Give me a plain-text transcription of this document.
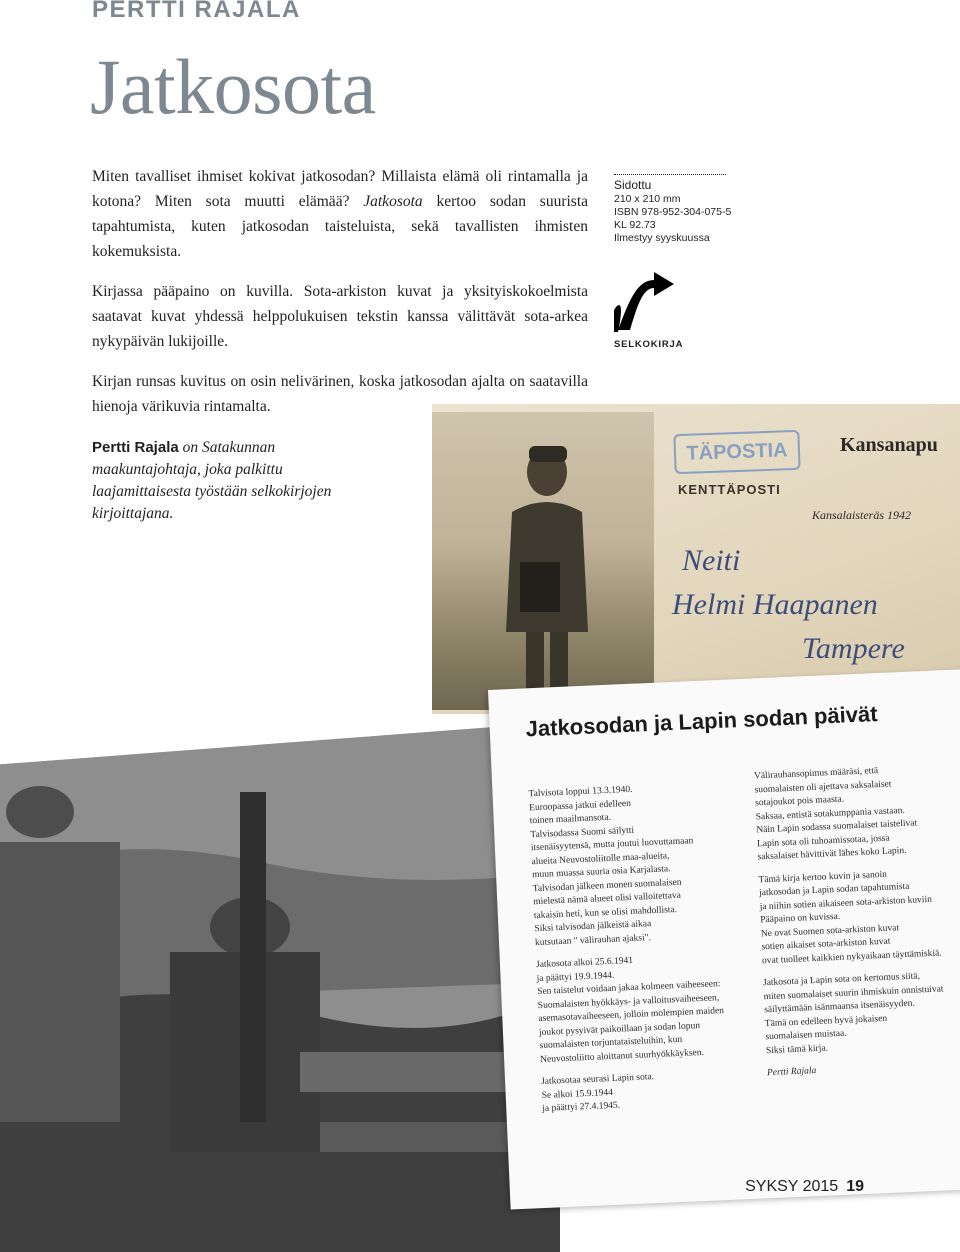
PERTTI RAJALA
Jatkosota

Miten tavalliset ihmiset kokivat jatkosodan? Millaista elämä oli rintamalla ja kotona? Miten sota muutti elämää? Jatkosota kertoo sodan suurista tapahtumista, kuten jatkosodan taisteluista, sekä tavallisten ihmisten kokemuksista.

Kirjassa pääpaino on kuvilla. Sota-arkiston kuvat ja yksityiskokoelmista saatavat kuvat yhdessä helppolukuisen tekstin kanssa välittävät sota-arkea nykypäivän lukijoille.

Kirjan runsas kuvitus on osin nelivärinen, koska jatkosodan ajalta on saatavilla hienoja värikuvia rintamalta.

Pertti Rajala on Satakunnan maakuntajohtaja, joka palkittu laajamittaisesta työstään selkokirjojen kirjoittajana.
Sidottu
210 x 210 mm
ISBN 978-952-304-075-5
KL 92.73
Ilmestyy syyskuussa
SELKOKIRJA
TÄPOSTIA	Kansanapu
KENTTÄPOSTI
Kansalaisteräs 1942
Neiti
Helmi Haapanen
Tampere
Jatkosodan ja Lapin sodan päivät

Talvisota loppui 13.3.1940.
Euroopassa jatkui edelleen
toinen maailmansota.
Talvisodassa Suomi säilytti
itsenäisyytensä, mutta joutui luovuttamaan
alueita Neuvostoliitolle maa-alueita,
muun muassa suuria osia Karjalasta.
Talvisodan jälkeen monen suomalaisen
mielestä nämä alueet olisi valloitettava
takaisin heti, kun se olisi mahdollista.
Siksi talvisodan jälkeistä aikaa
kutsutaan " välirauhan ajaksi".

Jatkosota alkoi 25.6.1941
ja päättyi 19.9.1944.
Sen taistelut voidaan jakaa kolmeen vaiheeseen:
Suomalaisten hyökkäys- ja valloitusvaiheeseen,
asemasotavaiheeseen, jolloin molempien maiden
joukot pysyivät paikoillaan ja sodan lopun
suomalaisten torjuntataisteluihin, kun
Neuvostoliitto aloittanut suurhyökkäyksen.

Jatkosotaa seurasi Lapin sota.
Se alkoi 15.9.1944
ja päättyi 27.4.1945.

Välirauhansopimus määräsi, että
suomalaisten oli ajettava saksalaiset
sotajoukot pois maasta.
Saksaa, entistä sotakumppania vastaan.
Näin Lapin sodassa suomalaiset taistelivat
Lapin sota oli tuhoamissotaa, jossa
saksalaiset hävittivät lähes koko Lapin.

Tämä kirja kertoo kuvin ja sanoin
jatkosodan ja Lapin sodan tapahtumista
ja niihin sotien aikaiseen sota-arkiston kuviin
Pääpaino on kuvissa.
Ne ovat Suomen sota-arkiston kuvat
sotien aikaiset sota-arkiston kuvat
ovat tuolleet kaikkien nykyaikaan täyttämiskiä.

Jatkosota ja Lapin sota on kertomus siitä,
miten suomalaiset suurin ihmiskuin onnistuivat
säilyttämään isänmaansa itsenäisyyden.
Tämä on edelleen hyvä jokaisen
suomalaisen muistaa.
Siksi tämä kirja.

Pertti Rajala

SYKSY 2015 19
